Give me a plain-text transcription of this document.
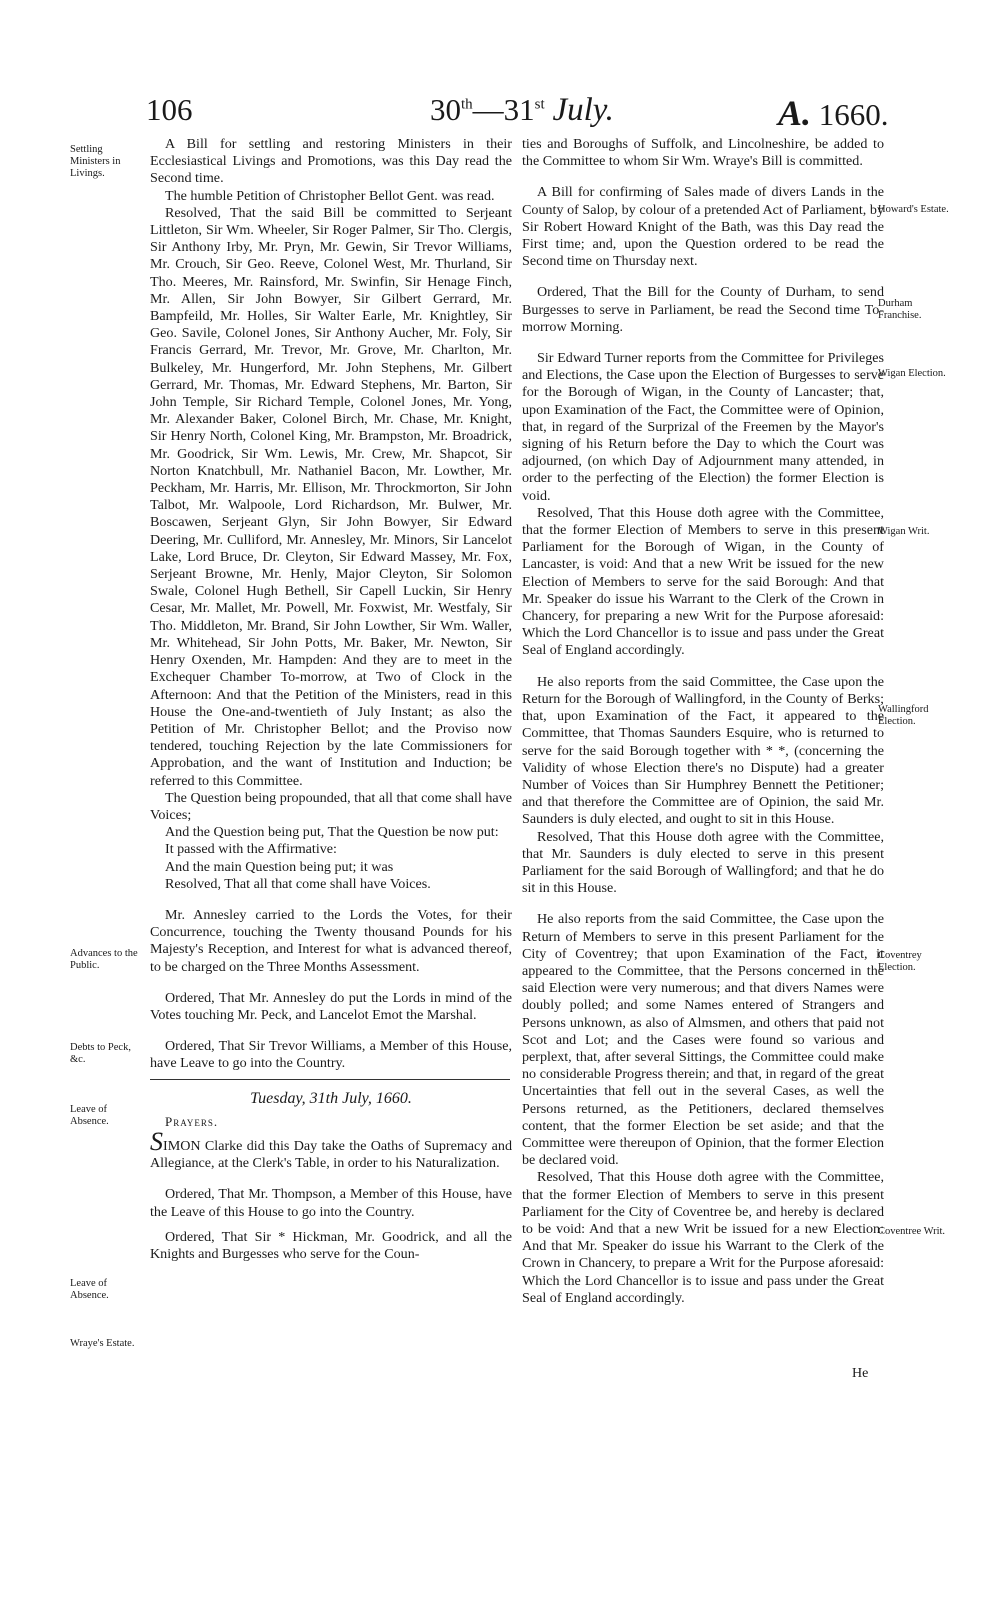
106	30th—31st July.	A. 1660.
Settling Ministers in Livings.
Advances to the Public.
Debts to Peck, &c.
Leave of Absence.
Leave of Absence.
Wraye's Estate.
Howard's Estate.
Durham Franchise.
Wigan Election.
Wigan Writ.
Wallingford Election.
Coventrey Election.
Coventree Writ.

A Bill for settling and restoring Ministers in their Ecclesiastical Livings and Promotions, was this Day read the Second time.

The humble Petition of Christopher Bellot Gent. was read.

Resolved, That the said Bill be committed to Serjeant Littleton, Sir Wm. Wheeler, Sir Roger Palmer, Sir Tho. Clergis, Sir Anthony Irby, Mr. Pryn, Mr. Gewin, Sir Trevor Williams, Mr. Crouch, Sir Geo. Reeve, Colonel West, Mr. Thurland, Sir Tho. Meeres, Mr. Rainsford, Mr. Swinfin, Sir Henage Finch, Mr. Allen, Sir John Bowyer, Sir Gilbert Gerrard, Mr. Bampfeild, Mr. Holles, Sir Walter Earle, Mr. Knightley, Sir Geo. Savile, Colonel Jones, Sir Anthony Aucher, Mr. Foly, Sir Francis Gerrard, Mr. Trevor, Mr. Grove, Mr. Charlton, Mr. Bulkeley, Mr. Hungerford, Mr. John Stephens, Mr. Gilbert Gerrard, Mr. Thomas, Mr. Edward Stephens, Mr. Barton, Sir John Temple, Sir Richard Temple, Colonel Jones, Mr. Yong, Mr. Alexander Baker, Colonel Birch, Mr. Chase, Mr. Knight, Sir Henry North, Colonel King, Mr. Brampston, Mr. Broadrick, Mr. Goodrick, Sir Wm. Lewis, Mr. Crew, Mr. Shapcot, Sir Norton Knatchbull, Mr. Nathaniel Bacon, Mr. Lowther, Mr. Peckham, Mr. Harris, Mr. Ellison, Mr. Throckmorton, Sir John Talbot, Mr. Walpoole, Lord Richardson, Mr. Bulwer, Mr. Boscawen, Serjeant Glyn, Sir John Bowyer, Sir Edward Deering, Mr. Culliford, Mr. Annesley, Mr. Minors, Sir Lancelot Lake, Lord Bruce, Dr. Cleyton, Sir Edward Massey, Mr. Fox, Serjeant Browne, Mr. Henly, Major Cleyton, Sir Solomon Swale, Colonel Hugh Bethell, Sir Capell Luckin, Sir Henry Cesar, Mr. Mallet, Mr. Powell, Mr. Foxwist, Mr. Westfaly, Sir Tho. Middleton, Mr. Brand, Sir John Lowther, Sir Wm. Waller, Mr. Whitehead, Sir John Potts, Mr. Baker, Mr. Newton, Sir Henry Oxenden, Mr. Hampden: And they are to meet in the Exchequer Chamber To-morrow, at Two of Clock in the Afternoon: And that the Petition of the Ministers, read in this House the One-and-twentieth of July Instant; as also the Petition of Mr. Christopher Bellot; and the Proviso now tendered, touching Rejection by the late Commissioners for Approbation, and the want of Institution and Induction; be referred to this Committee.

The Question being propounded, that all that come shall have Voices;

And the Question being put, That the Question be now put:

It passed with the Affirmative:

And the main Question being put; it was

Resolved, That all that come shall have Voices.

Mr. Annesley carried to the Lords the Votes, for their Concurrence, touching the Twenty thousand Pounds for his Majesty's Reception, and Interest for what is advanced thereof, to be charged on the Three Months Assessment.

Ordered, That Mr. Annesley do put the Lords in mind of the Votes touching Mr. Peck, and Lancelot Emot the Marshal.

Ordered, That Sir Trevor Williams, a Member of this House, have Leave to go into the Country.

Tuesday, 31th July, 1660.
Prayers.

SIMON Clarke did this Day take the Oaths of Supremacy and Allegiance, at the Clerk's Table, in order to his Naturalization.

Ordered, That Mr. Thompson, a Member of this House, have the Leave of this House to go into the Country.

Ordered, That Sir * Hickman, Mr. Goodrick, and all the Knights and Burgesses who serve for the Coun-

ties and Boroughs of Suffolk, and Lincolneshire, be added to the Committee to whom Sir Wm. Wraye's Bill is committed.

A Bill for confirming of Sales made of divers Lands in the County of Salop, by colour of a pretended Act of Parliament, by Sir Robert Howard Knight of the Bath, was this Day read the First time; and, upon the Question ordered to be read the Second time on Thursday next.

Ordered, That the Bill for the County of Durham, to send Burgesses to serve in Parliament, be read the Second time To-morrow Morning.

Sir Edward Turner reports from the Committee for Privileges and Elections, the Case upon the Election of Burgesses to serve for the Borough of Wigan, in the County of Lancaster; that, upon Examination of the Fact, the Committee were of Opinion, that, in regard of the Surprizal of the Freemen by the Mayor's signing of his Return before the Day to which the Court was adjourned, (on which Day of Adjournment many attended, in order to the perfecting of the Election) the former Election is void.

Resolved, That this House doth agree with the Committee, that the former Election of Members to serve in this present Parliament for the Borough of Wigan, in the County of Lancaster, is void: And that a new Writ be issued for the new Election of Members to serve for the said Borough: And that Mr. Speaker do issue his Warrant to the Clerk of the Crown in Chancery, for preparing a new Writ for the Purpose aforesaid: Which the Lord Chancellor is to issue and pass under the Great Seal of England accordingly.

He also reports from the said Committee, the Case upon the Return for the Borough of Wallingford, in the County of Berks; that, upon Examination of the Fact, it appeared to the Committee, that Thomas Saunders Esquire, who is returned to serve for the said Borough together with * *, (concerning the Validity of whose Election there's no Dispute) had a greater Number of Voices than Sir Humphrey Bennett the Petitioner; and that therefore the Committee are of Opinion, the said Mr. Saunders is duly elected, and ought to sit in this House.

Resolved, That this House doth agree with the Committee, that Mr. Saunders is duly elected to serve in this present Parliament for the said Borough of Wallingford; and that he do sit in this House.

He also reports from the said Committee, the Case upon the Return of Members to serve in this present Parliament for the City of Coventrey; that upon Examination of the Fact, it appeared to the Committee, that the Persons concerned in the said Election were very numerous; and that divers Names were doubly polled; and some Names entered of Strangers and Persons unknown, as also of Almsmen, and others that paid not Scot and Lot; and the Cases were found so various and perplext, that, after several Sittings, the Committee could make no considerable Progress therein; and that, in regard of the great Uncertainties that fell out in the several Cases, as well the Persons returned, as the Petitioners, declared themselves content, that the former Election be set aside; and that the Committee were thereupon of Opinion, that the former Election be declared void.

Resolved, That this House doth agree with the Committee, that the former Election of Members to serve in this present Parliament for the City of Coventree be, and hereby is declared to be void: And that a new Writ be issued for a new Election: And that Mr. Speaker do issue his Warrant to the Clerk of the Crown in Chancery, to prepare a Writ for the Purpose aforesaid: Which the Lord Chancellor is to issue and pass under the Great Seal of England accordingly.

He
